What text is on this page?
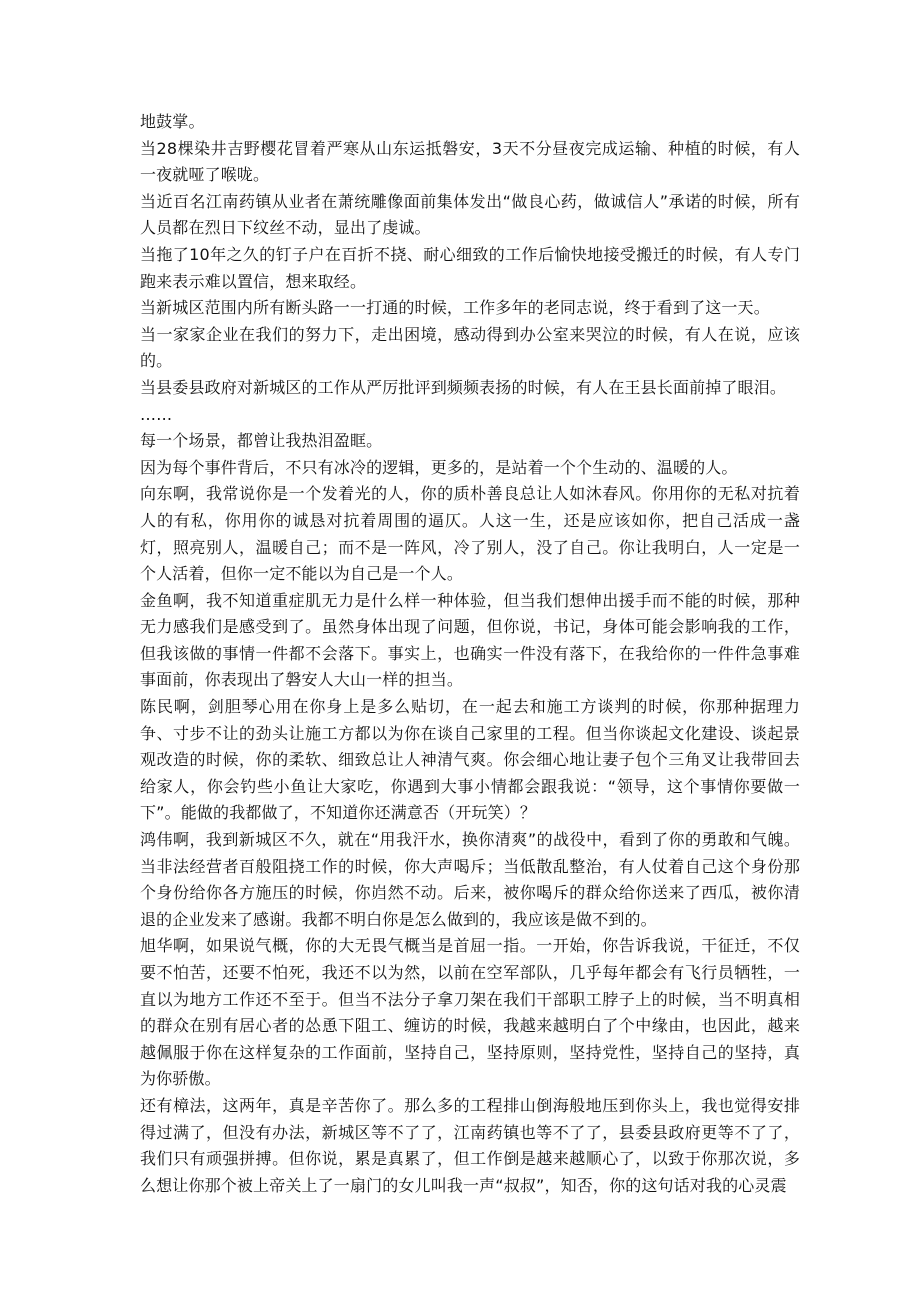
地鼓掌。

当28棵染井吉野樱花冒着严寒从山东运抵磐安，3天不分昼夜完成运输、种植的时候，有人一夜就哑了喉咙。

当近百名江南药镇从业者在萧统雕像面前集体发出“做良心药，做诚信人”承诺的时候，所有人员都在烈日下纹丝不动，显出了虔诚。

当拖了10年之久的钉子户在百折不挠、耐心细致的工作后愉快地接受搬迁的时候，有人专门跑来表示难以置信，想来取经。

当新城区范围内所有断头路一一打通的时候，工作多年的老同志说，终于看到了这一天。

当一家家企业在我们的努力下，走出困境，感动得到办公室来哭泣的时候，有人在说，应该的。

当县委县政府对新城区的工作从严厉批评到频频表扬的时候，有人在王县长面前掉了眼泪。

……

每一个场景，都曾让我热泪盈眶。

因为每个事件背后，不只有冰冷的逻辑，更多的，是站着一个个生动的、温暖的人。

向东啊，我常说你是一个发着光的人，你的质朴善良总让人如沐春风。你用你的无私对抗着人的有私，你用你的诚恳对抗着周围的逼仄。人这一生，还是应该如你，把自己活成一盏灯，照亮别人，温暖自己；而不是一阵风，冷了别人，没了自己。你让我明白，人一定是一个人活着，但你一定不能以为自己是一个人。

金鱼啊，我不知道重症肌无力是什么样一种体验，但当我们想伸出援手而不能的时候，那种无力感我们是感受到了。虽然身体出现了问题，但你说，书记，身体可能会影响我的工作，但我该做的事情一件都不会落下。事实上，也确实一件没有落下，在我给你的一件件急事难事面前，你表现出了磐安人大山一样的担当。

陈民啊，剑胆琴心用在你身上是多么贴切，在一起去和施工方谈判的时候，你那种据理力争、寸步不让的劲头让施工方都以为你在谈自己家里的工程。但当你谈起文化建设、谈起景观改造的时候，你的柔软、细致总让人神清气爽。你会细心地让妻子包个三角叉让我带回去给家人，你会钓些小鱼让大家吃，你遇到大事小情都会跟我说：“领导，这个事情你要做一下”。能做的我都做了，不知道你还满意否（开玩笑）？

鸿伟啊，我到新城区不久，就在“用我汗水，换你清爽”的战役中，看到了你的勇敢和气魄。当非法经营者百般阻挠工作的时候，你大声喝斥；当低散乱整治，有人仗着自己这个身份那个身份给你各方施压的时候，你岿然不动。后来，被你喝斥的群众给你送来了西瓜，被你清退的企业发来了感谢。我都不明白你是怎么做到的，我应该是做不到的。

旭华啊，如果说气概，你的大无畏气概当是首屈一指。一开始，你告诉我说，干征迁，不仅要不怕苦，还要不怕死，我还不以为然，以前在空军部队，几乎每年都会有飞行员牺牲，一直以为地方工作还不至于。但当不法分子拿刀架在我们干部职工脖子上的时候，当不明真相的群众在别有居心者的怂恿下阻工、缠访的时候，我越来越明白了个中缘由，也因此，越来越佩服于你在这样复杂的工作面前，坚持自己，坚持原则，坚持党性，坚持自己的坚持，真为你骄傲。

还有樟法，这两年，真是辛苦你了。那么多的工程排山倒海般地压到你头上，我也觉得安排得过满了，但没有办法，新城区等不了了，江南药镇也等不了了，县委县政府更等不了了，我们只有顽强拼搏。但你说，累是真累了，但工作倒是越来越顺心了，以致于你那次说，多么想让你那个被上帝关上了一扇门的女儿叫我一声“叔叔”，知否，你的这句话对我的心灵震
